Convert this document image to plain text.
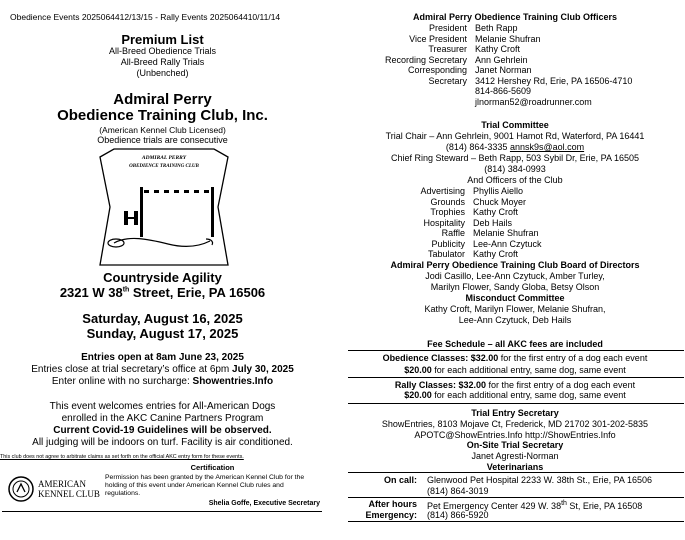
Obedience Events 2025064412/13/15 - Rally Events 2025064410/11/14
Premium List
All-Breed Obedience Trials
All-Breed Rally Trials
(Unbenched)
Admiral Perry
Obedience Training Club, Inc.
(American Kennel Club Licensed)
Obedience trials are consecutive
ADMIRAL PERRY
OBEDIENCE TRAINING CLUB
Countryside Agility
2321 W 38th Street, Erie, PA 16506
Saturday, August 16, 2025
Sunday, August 17, 2025
Entries open at 8am June 23, 2025
Entries close at trial secretary’s office at 6pm July 30, 2025
Enter online with no surcharge: Showentries.Info
This event welcomes entries for All-American Dogs
enrolled in the AKC Canine Partners Program
Current Covid-19 Guidelines will be observed.
All judging will be indoors on turf. Facility is air conditioned.
This club does not agree to arbitrate claims as set forth on the official AKC entry form for these events.
AMERICAN
KENNEL CLUB
Certification
Permission has been granted by the American Kennel Club for the holding of this event under American Kennel Club rules and regulations.
Shelia Goffe, Executive Secretary
Admiral Perry Obedience Training Club Officers
President Beth Rapp
Vice President Melanie Shufran
Treasurer Kathy Croft
Recording Secretary Ann Gehrlein
Corresponding Janet Norman
Secretary 3412 Hershey Rd, Erie, PA 16506-4710
814-866-5609
jlnorman52@roadrunner.com
Trial Committee
Trial Chair – Ann Gehrlein, 9001 Hamot Rd, Waterford, PA 16441
(814) 864-3335 annsk9s@aol.com
Chief Ring Steward – Beth Rapp, 503 Sybil Dr, Erie, PA 16505
(814) 384-0993
And Officers of the Club
Advertising Phyllis Aiello
Grounds Chuck Moyer
Trophies Kathy Croft
Hospitality Deb Hails
Raffle Melanie Shufran
Publicity Lee-Ann Czytuck
Tabulator Kathy Croft
Admiral Perry Obedience Training Club Board of Directors
Jodi Casillo, Lee-Ann Czytuck, Amber Turley,
Marilyn Flower, Sandy Globa, Betsy Olson
Misconduct Committee
Kathy Croft, Marilyn Flower, Melanie Shufran,
Lee-Ann Czytuck, Deb Hails
Fee Schedule – all AKC fees are included
Obedience Classes: $32.00 for the first entry of a dog each event
$20.00 for each additional entry, same dog, same event
Rally Classes: $32.00 for the first entry of a dog each event
$20.00 for each additional entry, same dog, same event
Trial Entry Secretary
ShowEntries, 8103 Mojave Ct, Frederick, MD 21702 301-202-5835
APOTC@ShowEntries.Info http://ShowEntries.Info
On-Site Trial Secretary
Janet Agresti-Norman
Veterinarians
On call: Glenwood Pet Hospital 2233 W. 38th St., Erie, PA 16506
(814) 864-3019
After hours
Emergency:
Pet Emergency Center 429 W. 38th St, Erie, PA 16508
(814) 866-5920
